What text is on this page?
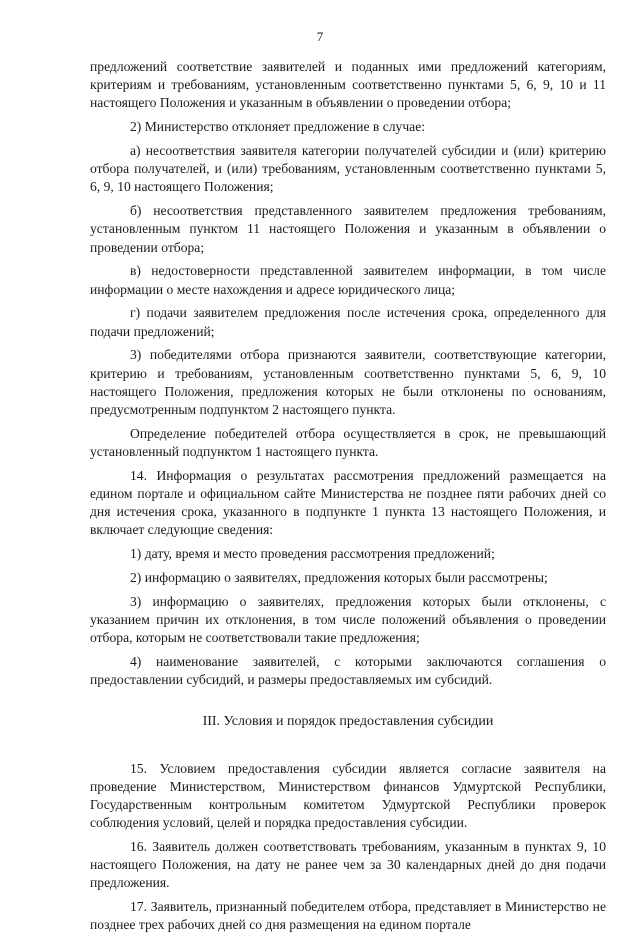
7

предложений соответствие заявителей и поданных ими предложений категориям, критериям и требованиям, установленным соответственно пунктами 5, 6, 9, 10 и 11 настоящего Положения и указанным в объявлении о проведении отбора;

2) Министерство отклоняет предложение в случае:

а) несоответствия заявителя категории получателей субсидии и (или) критерию отбора получателей, и (или) требованиям, установленным соответственно пунктами 5, 6, 9, 10 настоящего Положения;

б) несоответствия представленного заявителем предложения требованиям, установленным пунктом 11 настоящего Положения и указанным в объявлении о проведении отбора;

в) недостоверности представленной заявителем информации, в том числе информации о месте нахождения и адресе юридического лица;

г) подачи заявителем предложения после истечения срока, определенного для подачи предложений;

3) победителями отбора признаются заявители, соответствующие категории, критерию и требованиям, установленным соответственно пунктами 5, 6, 9, 10 настоящего Положения, предложения которых не были отклонены по основаниям, предусмотренным подпунктом 2 настоящего пункта.

Определение победителей отбора осуществляется в срок, не превышающий установленный подпунктом 1 настоящего пункта.

14. Информация о результатах рассмотрения предложений размещается на едином портале и официальном сайте Министерства не позднее пяти рабочих дней со дня истечения срока, указанного в подпункте 1 пункта 13 настоящего Положения, и включает следующие сведения:

1) дату, время и место проведения рассмотрения предложений;

2) информацию о заявителях, предложения которых были рассмотрены;

3) информацию о заявителях, предложения которых были отклонены, с указанием причин их отклонения, в том числе положений объявления о проведении отбора, которым не соответствовали такие предложения;

4) наименование заявителей, с которыми заключаются соглашения о предоставлении субсидий, и размеры предоставляемых им субсидий.

III. Условия и порядок предоставления субсидии

15. Условием предоставления субсидии является согласие заявителя на проведение Министерством, Министерством финансов Удмуртской Республики, Государственным контрольным комитетом Удмуртской Республики проверок соблюдения условий, целей и порядка предоставления субсидии.

16. Заявитель должен соответствовать требованиям, указанным в пунктах 9, 10 настоящего Положения, на дату не ранее чем за 30 календарных дней до дня подачи предложения.

17. Заявитель, признанный победителем отбора, представляет в Министерство не позднее трех рабочих дней со дня размещения на едином портале
